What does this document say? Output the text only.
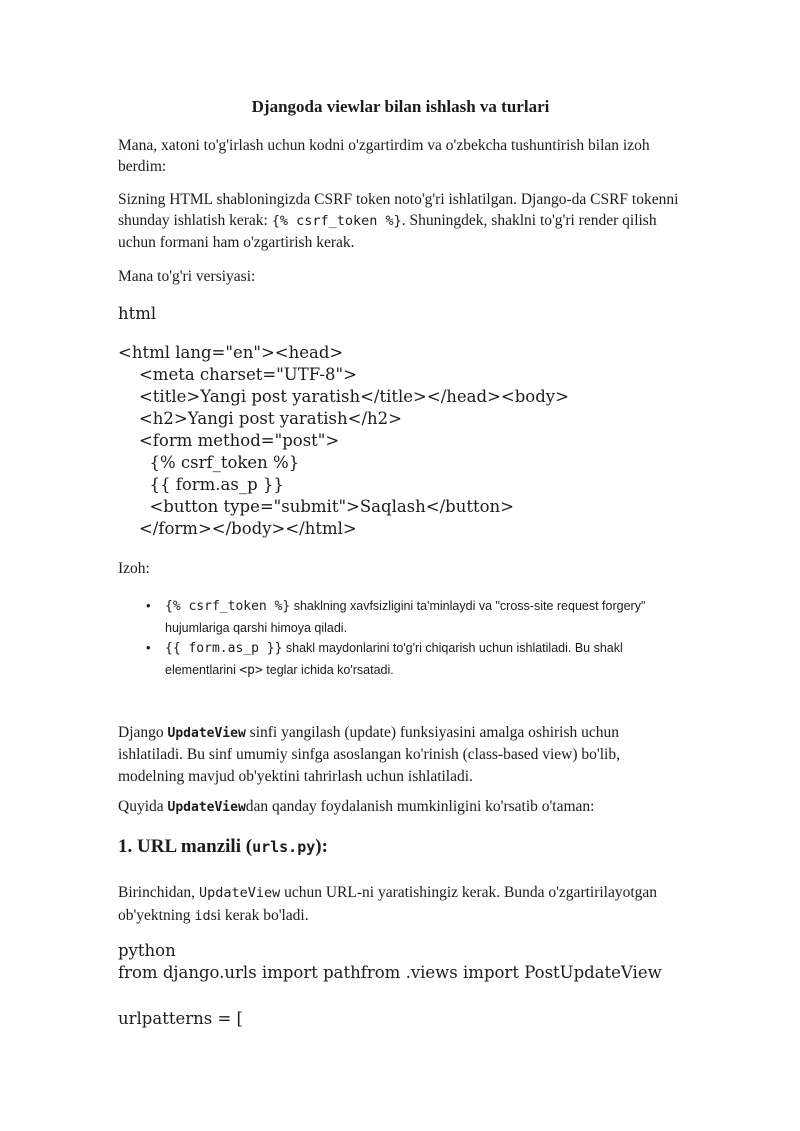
Djangoda viewlar bilan ishlash va turlari

Mana, xatoni to'g'irlash uchun kodni o'zgartirdim va o'zbekcha tushuntirish bilan izoh berdim:

Sizning HTML shabloningizda CSRF token noto'g'ri ishlatilgan. Django-da CSRF tokenni shunday ishlatish kerak: {% csrf_token %}. Shuningdek, shaklni to'g'ri render qilish uchun formani ham o'zgartirish kerak.

Mana to'g'ri versiyasi:

html
<html lang="en"><head>
<meta charset="UTF-8">
<title>Yangi post yaratish</title></head><body>
<h2>Yangi post yaratish</h2>
<form method="post">
{% csrf_token %}
{{ form.as_p }}
<button type="submit">Saqlash</button>
</form></body></html>

Izoh:

• {% csrf_token %} shaklning xavfsizligini ta'minlaydi va "cross-site request forgery" hujumlariga qarshi himoya qiladi.
• {{ form.as_p }} shakl maydonlarini to'g'ri chiqarish uchun ishlatiladi. Bu shakl elementlarini <p> teglar ichida ko'rsatadi.

Django UpdateView sinfi yangilash (update) funksiyasini amalga oshirish uchun ishlatiladi. Bu sinf umumiy sinfga asoslangan ko'rinish (class-based view) bo'lib, modelning mavjud ob'yektini tahrirlash uchun ishlatiladi.

Quyida UpdateViewdan qanday foydalanish mumkinligini ko'rsatib o'taman:

1. URL manzili (urls.py):

Birinchidan, UpdateView uchun URL-ni yaratishingiz kerak. Bunda o'zgartirilayotgan ob'yektning idsi kerak bo'ladi.

python
from django.urls import pathfrom .views import PostUpdateView
urlpatterns = [
